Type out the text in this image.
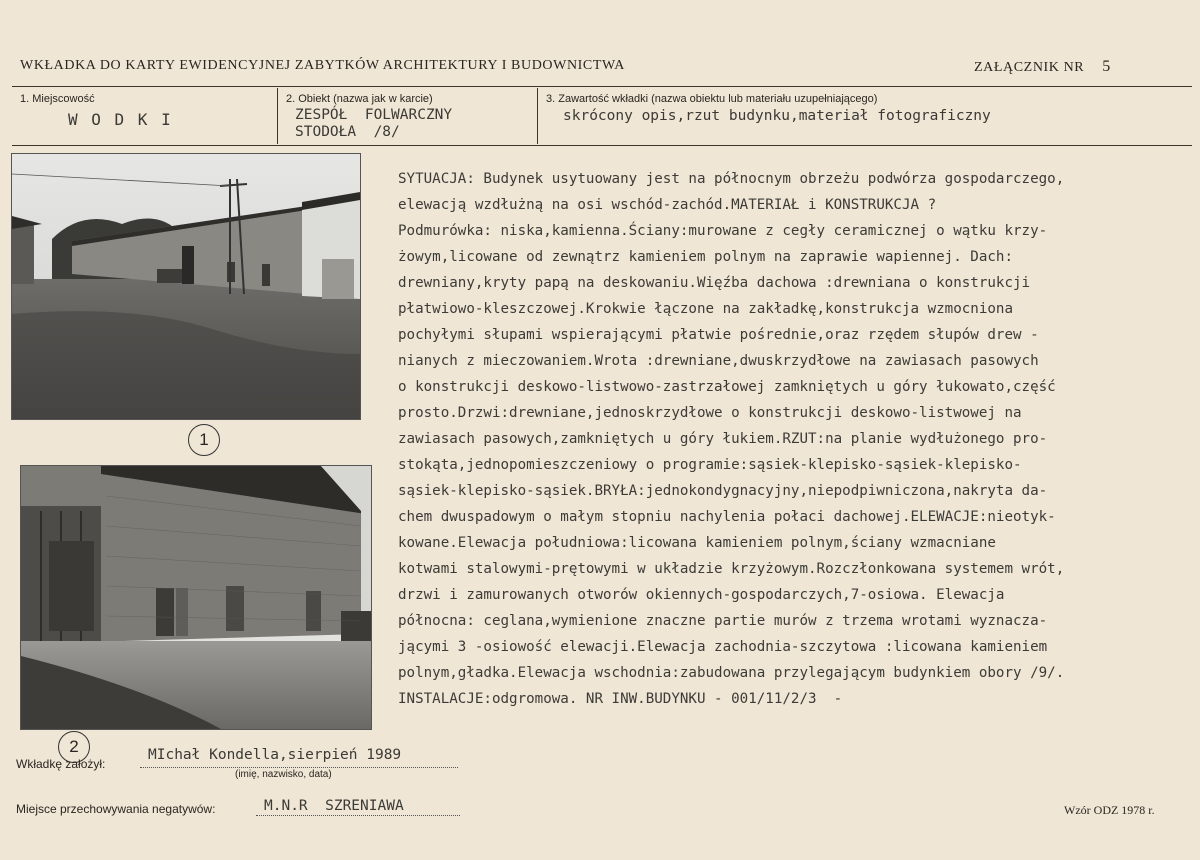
WKŁADKA DO KARTY EWIDENCYJNEJ ZABYTKÓW ARCHITEKTURY I BUDOWNICTWA	ZAŁĄCZNIK NR 5
1. Miejscowość
W O D K I
2. Obiekt (nazwa jak w karcie)
ZESPÓŁ  FOLWARCZNY
STODOŁA  /8/
3. Zawartość wkładki (nazwa obiektu lub materiału uzupełniającego)
skrócony opis,rzut budynku,materiał fotograficzny
1
2
SYTUACJA: Budynek usytuowany jest na północnym obrzeżu podwórza gospodarczego,
elewacją wzdłużną na osi wschód-zachód.MATERIAŁ i KONSTRUKCJA ?
Podmurówka: niska,kamienna.Ściany:murowane z cegły ceramicznej o wątku krzy-
żowym,licowane od zewnątrz kamieniem polnym na zaprawie wapiennej. Dach:
drewniany,kryty papą na deskowaniu.Więźba dachowa :drewniana o konstrukcji
płatwiowo-kleszczowej.Krokwie łączone na zakładkę,konstrukcja wzmocniona
pochyłymi słupami wspierającymi płatwie pośrednie,oraz rzędem słupów drew -
nianych z mieczowaniem.Wrota :drewniane,dwuskrzydłowe na zawiasach pasowych
o konstrukcji deskowo-listwowo-zastrzałowej zamkniętych u góry łukowato,część
prosto.Drzwi:drewniane,jednoskrzydłowe o konstrukcji deskowo-listwowej na
zawiasach pasowych,zamkniętych u góry łukiem.RZUT:na planie wydłużonego pro-
stokąta,jednopomieszczeniowy o programie:sąsiek-klepisko-sąsiek-klepisko-
sąsiek-klepisko-sąsiek.BRYŁA:jednokondygnacyjny,niepodpiwniczona,nakryta da-
chem dwuspadowym o małym stopniu nachylenia połaci dachowej.ELEWACJE:nieotyk-
kowane.Elewacja południowa:licowana kamieniem polnym,ściany wzmacniane
kotwami stalowymi-prętowymi w układzie krzyżowym.Rozczłonkowana systemem wrót,
drzwi i zamurowanych otworów okiennych-gospodarczych,7-osiowa. Elewacja
północna: ceglana,wymienione znaczne partie murów z trzema wrotami wyznacza-
jącymi 3 -osiowość elewacji.Elewacja zachodnia-szczytowa :licowana kamieniem
polnym,gładka.Elewacja wschodnia:zabudowana przylegającym budynkiem obory /9/.
INSTALACJE:odgromowa. NR INW.BUDYNKU - 001/11/2/3  -
Wkładkę założył:
MIchał Kondella,sierpień 1989
(imię, nazwisko, data)
Miejsce przechowywania negatywów:	M.N.R  SZRENIAWA	Wzór ODZ 1978 r.
